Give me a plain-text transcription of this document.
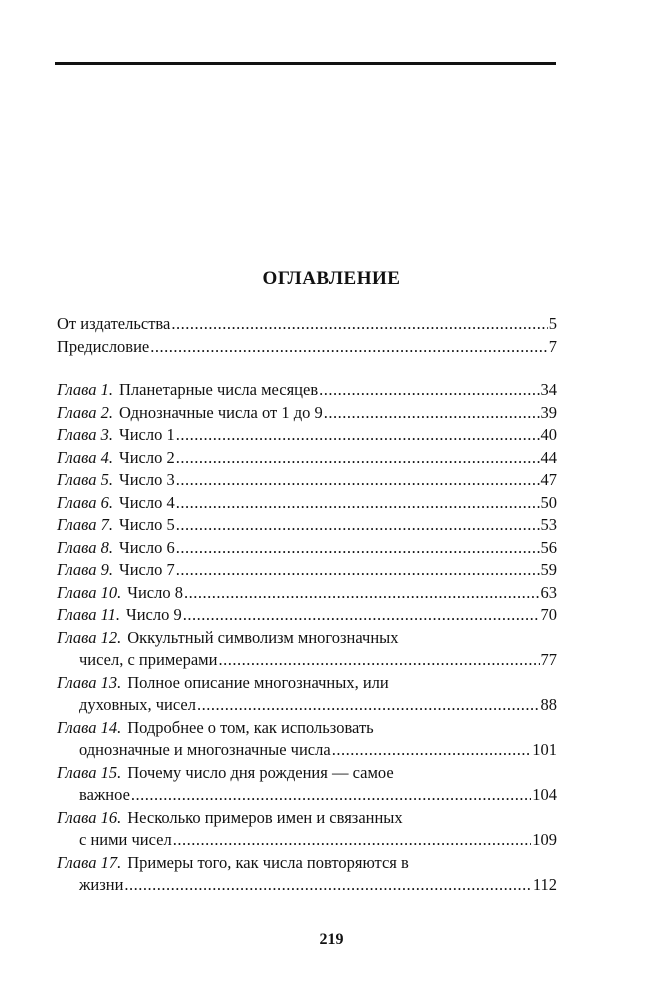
ОГЛАВЛЕНИЕ
От издательства .....	5
Предисловие .....	7
Глава 1. Планетарные числа месяцев .....	34
Глава 2. Однозначные числа от 1 до 9 .....	39
Глава 3. Число 1 .....	40
Глава 4. Число 2 .....	44
Глава 5. Число 3 .....	47
Глава 6. Число 4 .....	50
Глава 7. Число 5 .....	53
Глава 8. Число 6 .....	56
Глава 9. Число 7 .....	59
Глава 10. Число 8 .....	63
Глава 11. Число 9 .....	70
Глава 12. Оккультный символизм многозначных
чисел, с примерами .....	77
Глава 13. Полное описание многозначных, или
духовных, чисел .....	88
Глава 14. Подробнее о том, как использовать
однозначные и многозначные числа .....	101
Глава 15. Почему число дня рождения — самое
важное .....	104
Глава 16. Несколько примеров имен и связанных
с ними чисел .....	109
Глава 17. Примеры того, как числа повторяются в
жизни .....	112
219
